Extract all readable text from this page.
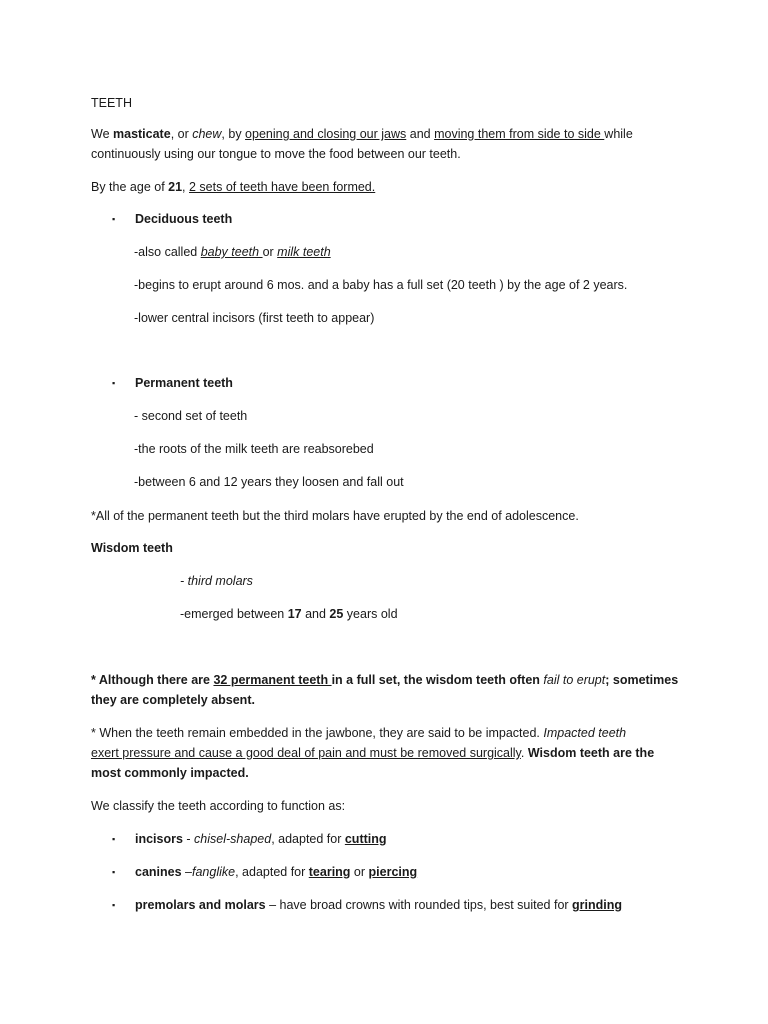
TEETH
We masticate, or chew, by opening and closing our jaws and moving them from side to side while
continuously using our tongue to move the food between our teeth.
By the age of 21, 2 sets of teeth have been formed.
▪ Deciduous teeth
-also called baby teeth or milk teeth
-begins to erupt around 6 mos. and a baby has a full set (20 teeth ) by the age of 2 years.
-lower central incisors (first teeth to appear)
▪ Permanent teeth
- second set of teeth
-the roots of the milk teeth are reabsorebed
-between 6 and 12 years they loosen and fall out
*All of the permanent teeth but the third molars have erupted by the end of adolescence.
Wisdom teeth
- third molars
-emerged between 17 and 25 years old
* Although there are 32 permanent teeth in a full set, the wisdom teeth often fail to erupt; sometimes
they are completely absent.
* When the teeth remain embedded in the jawbone, they are said to be impacted. Impacted teeth
exert pressure and cause a good deal of pain and must be removed surgically. Wisdom teeth are the
most commonly impacted.
We classify the teeth according to function as:
▪ incisors - chisel-shaped, adapted for cutting
▪ canines –fanglike, adapted for tearing or piercing
▪ premolars and molars – have broad crowns with rounded tips, best suited for grinding
